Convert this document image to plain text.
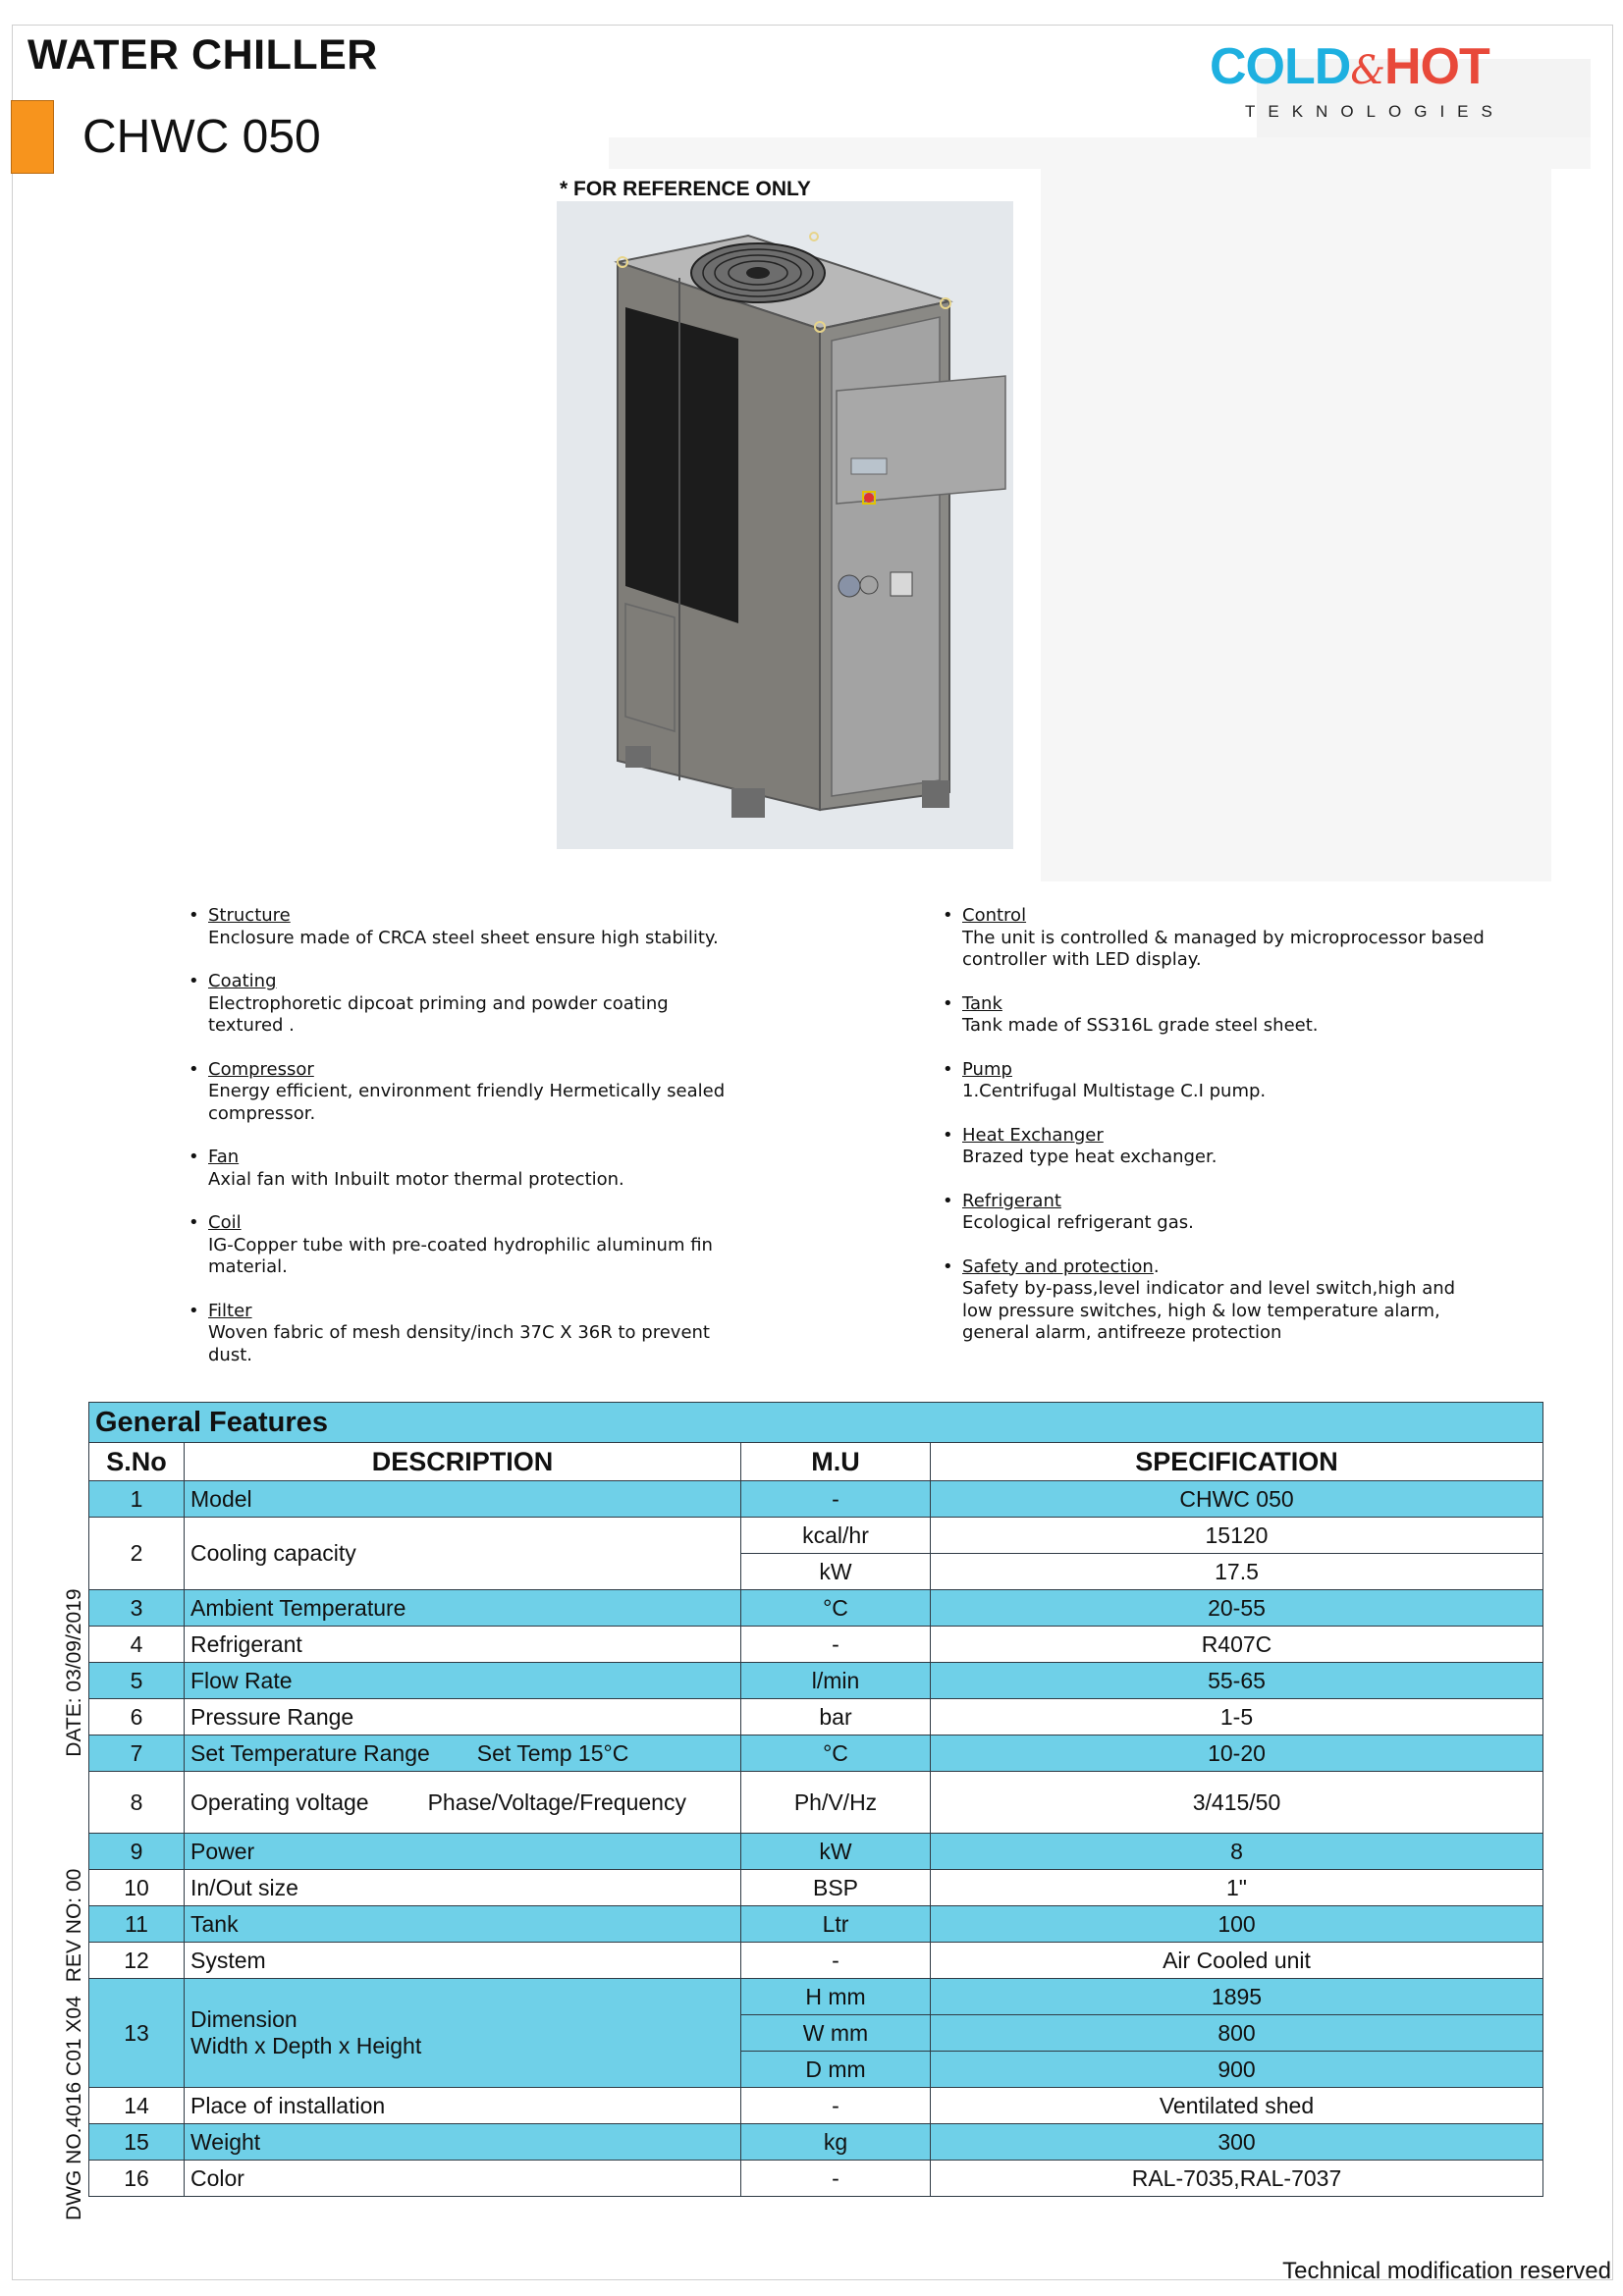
WATER CHILLER
CHWC 050
COLD&HOT
TEKNOLOGIES
* FOR REFERENCE ONLY
• Structure
Enclosure made of CRCA steel sheet ensure high stability.
• Coating
Electrophoretic dipcoat priming and powder coating
textured .
• Compressor
Energy efficient, environment friendly Hermetically sealed
compressor.
• Fan
Axial fan with Inbuilt motor thermal protection.
• Coil
IG-Copper tube with pre-coated hydrophilic aluminum fin
material.
• Filter
Woven fabric of mesh density/inch 37C X 36R to prevent
dust.
• Control
The unit is controlled & managed by microprocessor based
controller with LED display.
• Tank
Tank made of SS316L grade steel sheet.
• Pump
1.Centrifugal Multistage C.I pump.
• Heat Exchanger
Brazed type heat exchanger.
• Refrigerant
Ecological refrigerant gas.
• Safety and protection.
Safety by-pass,level indicator and level switch,high and
low pressure switches, high & low temperature alarm,
general alarm, antifreeze protection
General Features			
S.No	DESCRIPTION	M.U	SPECIFICATION
1	Model	-	CHWC 050
2	Cooling capacity	kcal/hr	15120
		kW	17.5
3	Ambient Temperature	°C	20-55
4	Refrigerant	-	R407C
5	Flow Rate	l/min	55-65
6	Pressure Range	bar	1-5
7	Set Temperature Range Set Temp 15°C	°C	10-20
8	Operating voltage Phase/Voltage/Frequency	Ph/V/Hz	3/415/50
9	Power	kW	8
10	In/Out size	BSP	1"
11	Tank	Ltr	100
12	System	-	Air Cooled unit
13	Dimension
Width x Depth x Height	H mm	1895
		W mm	800
		D mm	900
14	Place of installation	-	Ventilated shed
15	Weight	kg	300
16	Color	-	RAL-7035,RAL-7037
DWG NO.4016 C01 X04REV NO: 00DATE: 03/09/2019
Technical modification reserved
